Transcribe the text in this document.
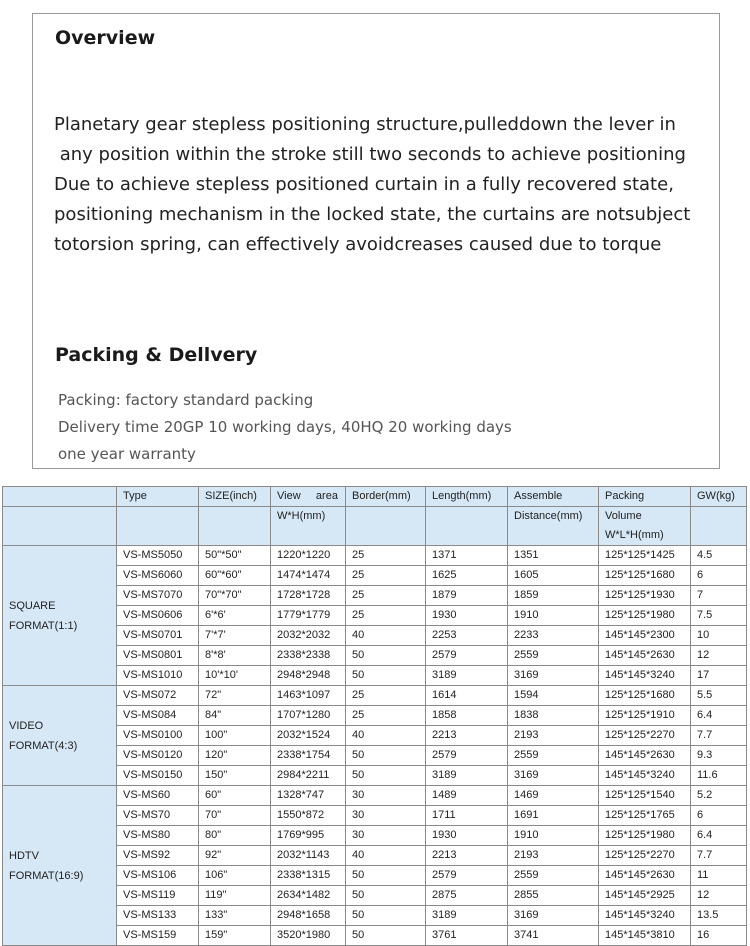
Overview
Planetary gear stepless positioning structure,pulleddown the lever in
any position within the stroke still two seconds to achieve positioning
Due to achieve stepless positioned curtain in a fully recovered state,
positioning mechanism in the locked state, the curtains are notsubject
totorsion spring, can effectively avoidcreases caused due to torque
Packing & Dellvery
Packing: factory standard packing
Delivery time 20GP 10 working days, 40HQ 20 working days
one year warranty
	Type	SIZE(inch)	View     area	Border(mm)	Length(mm)	Assemble	Packing	GW(kg)
			W*H(mm)			Distance(mm)	Volume	
							W*L*H(mm)	

SQUARE
FORMAT(1:1)	VS-MS5050	50"*50"	1220*1220	25	1371	1351	125*125*1425	4.5
	VS-MS6060	60"*60"	1474*1474	25	1625	1605	125*125*1680	6
	VS-MS7070	70"*70"	1728*1728	25	1879	1859	125*125*1930	7
	VS-MS0606	6'*6'	1779*1779	25	1930	1910	125*125*1980	7.5
	VS-MS0701	7'*7'	2032*2032	40	2253	2233	145*145*2300	10
	VS-MS0801	8'*8'	2338*2338	50	2579	2559	145*145*2630	12
	VS-MS1010	10'*10'	2948*2948	50	3189	3169	145*145*3240	17

VIDEO
FORMAT(4:3)	VS-MS072	72"	1463*1097	25	1614	1594	125*125*1680	5.5
	VS-MS084	84"	1707*1280	25	1858	1838	125*125*1910	6.4
	VS-MS0100	100"	2032*1524	40	2213	2193	125*125*2270	7.7
	VS-MS0120	120"	2338*1754	50	2579	2559	145*145*2630	9.3
	VS-MS0150	150"	2984*2211	50	3189	3169	145*145*3240	11.6

HDTV
FORMAT(16:9)	VS-MS60	60"	1328*747	30	1489	1469	125*125*1540	5.2
	VS-MS70	70"	1550*872	30	1711	1691	125*125*1765	6
	VS-MS80	80"	1769*995	30	1930	1910	125*125*1980	6.4
	VS-MS92	92"	2032*1143	40	2213	2193	125*125*2270	7.7
	VS-MS106	106"	2338*1315	50	2579	2559	145*145*2630	11
	VS-MS119	119"	2634*1482	50	2875	2855	145*145*2925	12
	VS-MS133	133"	2948*1658	50	3189	3169	145*145*3240	13.5
	VS-MS159	159"	3520*1980	50	3761	3741	145*145*3810	16
